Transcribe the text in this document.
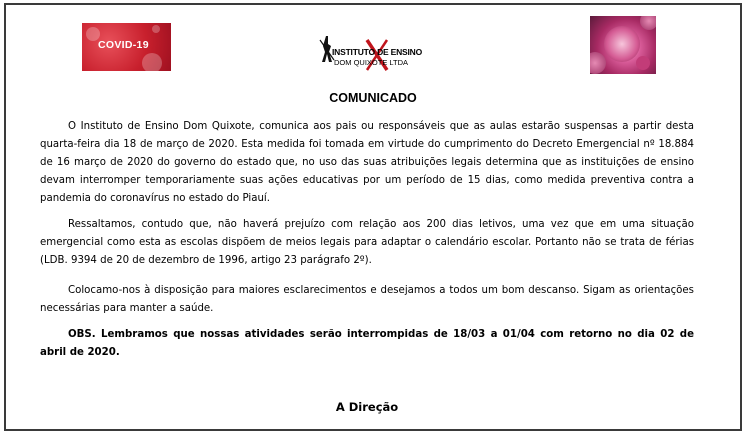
COVID-19
INSTITUTO DE ENSINO
DOM QUIXOTE LTDA
COMUNICADO

O Instituto de Ensino Dom Quixote, comunica aos pais ou responsáveis que as aulas estarão suspensas a partir desta quarta-feira dia 18 de março de 2020. Esta medida foi tomada em virtude do cumprimento do Decreto Emergencial nº 18.884 de 16 março de 2020 do governo do estado que, no uso das suas atribuições legais determina que as instituições de ensino devam interromper temporariamente suas ações educativas por um período de 15 dias, como medida preventiva contra a pandemia do coronavírus no estado do Piauí.

Ressaltamos, contudo que, não haverá prejuízo com relação aos 200 dias letivos, uma vez que em uma situação emergencial como esta as escolas dispõem de meios legais para adaptar o calendário escolar. Portanto não se trata de férias (LDB. 9394 de 20 de dezembro de 1996, artigo 23 parágrafo 2º).

Colocamo-nos à disposição para maiores esclarecimentos e desejamos a todos um bom descanso. Sigam as orientações necessárias para manter a saúde.

OBS. Lembramos que nossas atividades serão interrompidas de 18/03 a 01/04 com retorno no dia 02 de abril de 2020.

A Direção
